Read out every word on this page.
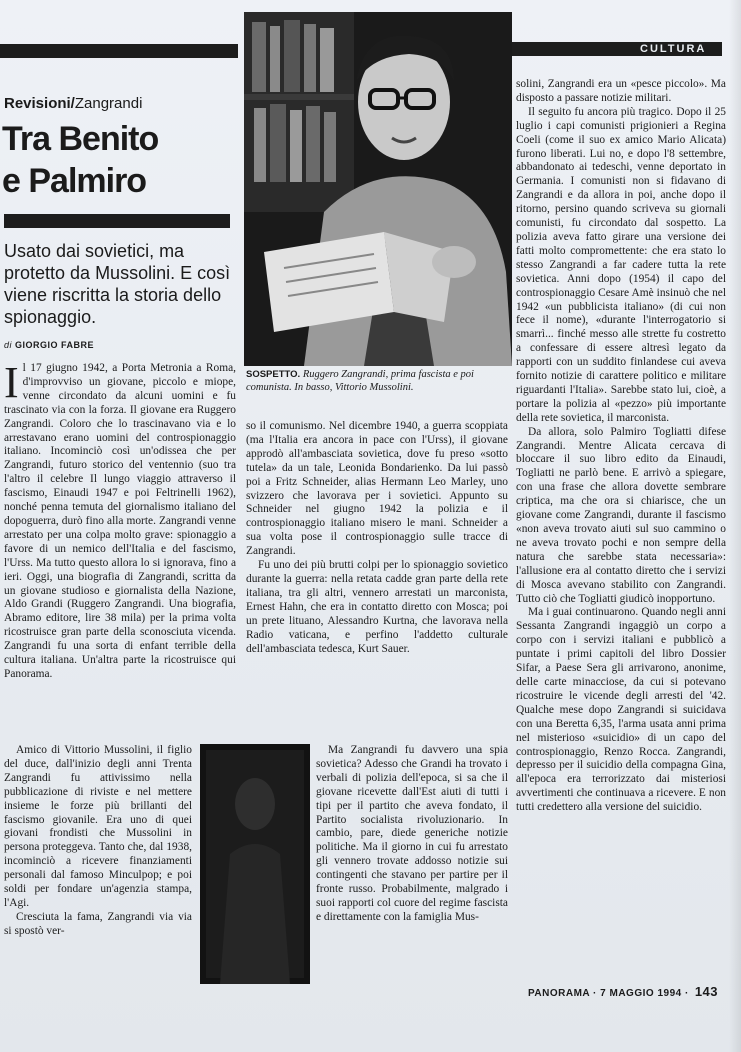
CULTURA
Revisioni/Zangrandi
Tra Benito
e Palmiro
Usato dai sovietici, ma protetto da Mussolini. E così viene riscritta la storia dello spionaggio.
di GIORGIO FABRE
SOSPETTO. Ruggero Zangrandi, prima fascista e poi comunista. In basso, Vittorio Mussolini.

Il 17 giugno 1942, a Porta Metronia a Roma, d'improvviso un giovane, piccolo e miope, venne circondato da alcuni uomini e fu trascinato via con la forza. Il giovane era Ruggero Zangrandi. Coloro che lo trascinavano via e lo arrestavano erano uomini del controspionaggio italiano. Incominciò così un'odissea che per Zangrandi, futuro storico del ventennio (suo tra l'altro il celebre Il lungo viaggio attraverso il fascismo, Einaudi 1947 e poi Feltrinelli 1962), nonché penna temuta del giornalismo italiano del dopoguerra, durò fino alla morte. Zangrandi venne arrestato per una colpa molto grave: spionaggio a favore di un nemico dell'Italia e del fascismo, l'Urss. Ma tutto questo allora lo si ignorava, fino a ieri. Oggi, una biografia di Zangrandi, scritta da un giovane studioso e giornalista della Nazione, Aldo Grandi (Ruggero Zangrandi. Una biografia, Abramo editore, lire 38 mila) per la prima volta ricostruisce gran parte della sconosciuta vicenda. Zangrandi fu una sorta di enfant terrible della cultura italiana. Un'altra parte la ricostruisce qui Panorama.

Amico di Vittorio Mussolini, il figlio del duce, dall'inizio degli anni Trenta Zangrandi fu attivissimo nella pubblicazione di riviste e nel mettere insieme le forze più brillanti del fascismo giovanile. Era uno di quei giovani frondisti che Mussolini in persona proteggeva. Tanto che, dal 1938, incominciò a ricevere finanziamenti personali dal famoso Minculpop; e poi soldi per fondare un'agenzia stampa, l'Agi.

Cresciuta la fama, Zangrandi via via si spostò ver-

so il comunismo. Nel dicembre 1940, a guerra scoppiata (ma l'Italia era ancora in pace con l'Urss), il giovane approdò all'ambasciata sovietica, dove fu preso «sotto tutela» da un tale, Leonida Bondarienko. Da lui passò poi a Fritz Schneider, alias Hermann Leo Marley, uno svizzero che lavorava per i sovietici. Appunto su Schneider nel giugno 1942 la polizia e il controspionaggio italiano misero le mani. Schneider a sua volta pose il controspionaggio sulle tracce di Zangrandi.

Fu uno dei più brutti colpi per lo spionaggio sovietico durante la guerra: nella retata cadde gran parte della rete italiana, tra gli altri, vennero arrestati un marconista, Ernest Hahn, che era in contatto diretto con Mosca; poi un prete lituano, Alessandro Kurtna, che lavorava nella Radio vaticana, e perfino l'addetto culturale dell'ambasciata tedesca, Kurt Sauer.

Ma Zangrandi fu davvero una spia sovietica? Adesso che Grandi ha trovato i verbali di polizia dell'epoca, si sa che il giovane ricevette dall'Est aiuti di tutti i tipi per il partito che aveva fondato, il Partito socialista rivoluzionario. In cambio, pare, diede generiche notizie politiche. Ma il giorno in cui fu arrestato gli vennero trovate addosso notizie sui contingenti che stavano per partire per il fronte russo. Probabilmente, malgrado i suoi rapporti col cuore del regime fascista e direttamente con la famiglia Mus-

solini, Zangrandi era un «pesce piccolo». Ma disposto a passare notizie militari.

Il seguito fu ancora più tragico. Dopo il 25 luglio i capi comunisti prigionieri a Regina Coeli (come il suo ex amico Mario Alicata) furono liberati. Lui no, e dopo l'8 settembre, abbandonato ai tedeschi, venne deportato in Germania. I comunisti non si fidavano di Zangrandi e da allora in poi, anche dopo il ritorno, persino quando scriveva su giornali comunisti, fu circondato dal sospetto. La polizia aveva fatto girare una versione dei fatti molto compromettente: che era stato lo stesso Zangrandi a far cadere tutta la rete sovietica. Anni dopo (1954) il capo del controspionaggio Cesare Amè insinuò che nel 1942 «un pubblicista italiano» (di cui non fece il nome), «durante l'interrogatorio si smarrì... finché messo alle strette fu costretto a confessare di essere altresì legato da rapporti con un suddito finlandese cui aveva fornito notizie di carattere politico e militare riguardanti l'Italia». Sarebbe stato lui, cioè, a portare la polizia al «pezzo» più importante della rete sovietica, il marconista.

Da allora, solo Palmiro Togliatti difese Zangrandi. Mentre Alicata cercava di bloccare il suo libro edito da Einaudi, Togliatti ne parlò bene. E arrivò a spiegare, con una frase che allora dovette sembrare criptica, ma che ora si chiarisce, che un giovane come Zangrandi, durante il fascismo «non aveva trovato aiuti sul suo cammino o ne aveva trovato pochi e non sempre della natura che sarebbe stata necessaria»: l'allusione era al contatto diretto che i servizi di Mosca avevano stabilito con Zangrandi. Tutto ciò che Togliatti giudicò inopportuno.

Ma i guai continuarono. Quando negli anni Sessanta Zangrandi ingaggiò un corpo a corpo con i servizi italiani e pubblicò a puntate i primi capitoli del libro Dossier Sifar, a Paese Sera gli arrivarono, anonime, delle carte minacciose, da cui si potevano ricostruire le vicende degli arresti del '42. Qualche mese dopo Zangrandi si suicidava con una Beretta 6,35, l'arma usata anni prima nel misterioso «suicidio» di un capo del controspionaggio, Renzo Rocca. Zangrandi, depresso per il suicidio della compagna Gina, all'epoca era terrorizzato dai misteriosi avvertimenti che continuava a ricevere. E non tutti credettero alla versione del suicidio.

PANORAMA · 7 MAGGIO 1994 · 143
